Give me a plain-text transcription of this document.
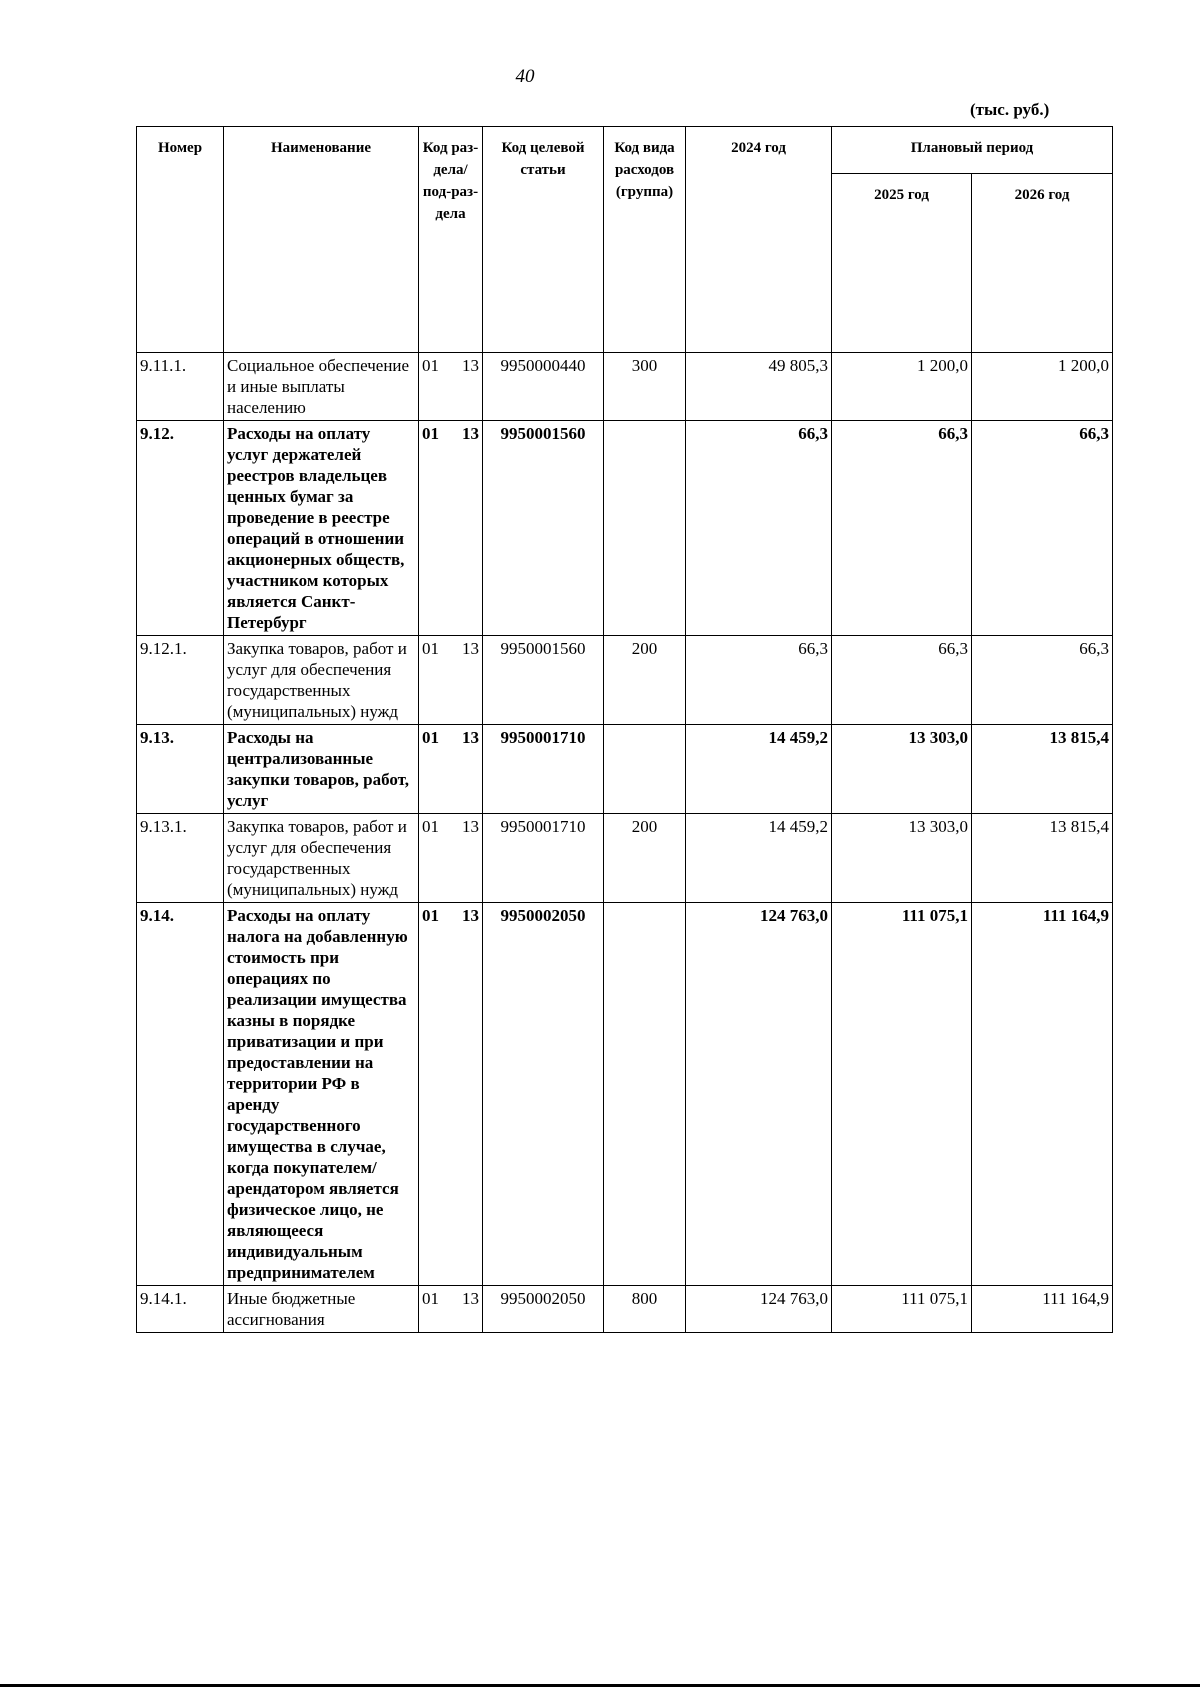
40
(тыс. руб.)
Номер	Наименование	Код раз-дела/ под-раз-дела	Код целевой статьи	Код вида расходов (группа)	2024 год	Плановый период	
						2025 год	2026 год
9.11.1.	Социальное обеспечение и иные выплаты населению	01 13	9950000440	300	49 805,3	1 200,0	1 200,0
9.12.	Расходы на оплату услуг держателей реестров владельцев ценных бумаг за проведение в реестре операций в отношении акционерных обществ, участником которых является Санкт-Петербург	01 13	9950001560		66,3	66,3	66,3
9.12.1.	Закупка товаров, работ и услуг для обеспечения государственных (муниципальных) нужд	01 13	9950001560	200	66,3	66,3	66,3
9.13.	Расходы на централизованные закупки товаров, работ, услуг	01 13	9950001710		14 459,2	13 303,0	13 815,4
9.13.1.	Закупка товаров, работ и услуг для обеспечения государственных (муниципальных) нужд	01 13	9950001710	200	14 459,2	13 303,0	13 815,4
9.14.	Расходы на оплату налога на добавленную стоимость при операциях по реализации имущества казны в порядке приватизации и при предоставлении на территории РФ в аренду государственного имущества в случае, когда покупателем/арендатором является физическое лицо, не являющееся индивидуальным предпринимателем	01 13	9950002050		124 763,0	111 075,1	111 164,9
9.14.1.	Иные бюджетные ассигнования	01 13	9950002050	800	124 763,0	111 075,1	111 164,9
